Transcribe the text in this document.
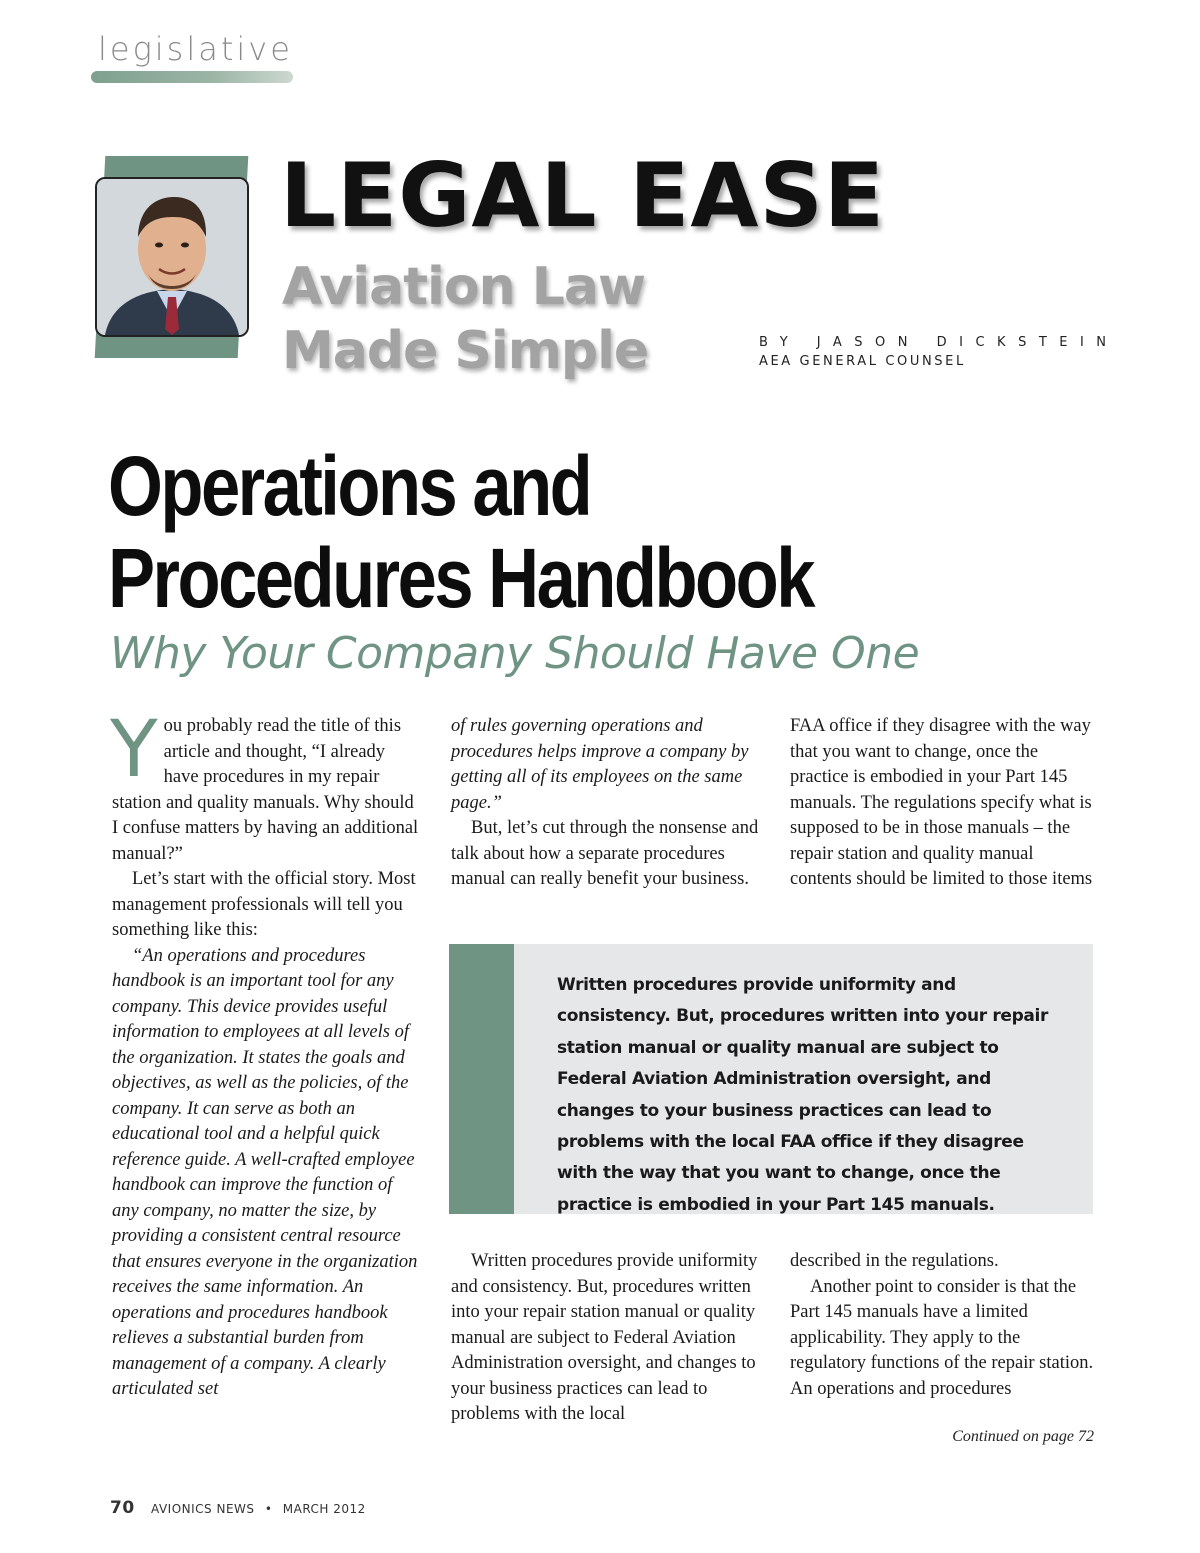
legislative
LEGAL EASE
Aviation Law
Made Simple	BY JASON DICKSTEIN
AEA GENERAL COUNSEL
Operations and
Procedures Handbook
Why Your Company Should Have One

You probably read the title of this article and thought, “I already have procedures in my repair station and quality manuals. Why should I confuse matters by having an additional manual?”

Let’s start with the official story. Most management professionals will tell you something like this:

“An operations and procedures handbook is an important tool for any company. This device provides useful information to employees at all levels of the organization. It states the goals and objectives, as well as the policies, of the company. It can serve as both an educational tool and a helpful quick reference guide. A well-crafted employee handbook can improve the function of any company, no matter the size, by providing a consistent central resource that ensures everyone in the organization receives the same information. An operations and procedures handbook relieves a substantial burden from management of a company. A clearly articulated set

of rules governing operations and procedures helps improve a company by getting all of its employees on the same page.”

But, let’s cut through the nonsense and talk about how a separate procedures manual can really benefit your business.

Written procedures provide uniformity and consistency. But, procedures written into your repair station manual or quality manual are subject to Federal Aviation Administration oversight, and changes to your business practices can lead to problems with the local

FAA office if they disagree with the way that you want to change, once the practice is embodied in your Part 145 manuals. The regulations specify what is supposed to be in those manuals – the repair station and quality manual contents should be limited to those items

described in the regulations.

Another point to consider is that the Part 145 manuals have a limited applicability. They apply to the regulatory functions of the repair station. An operations and procedures

Written procedures provide uniformity and consistency. But, procedures written into your repair station manual or quality manual are subject to Federal Aviation Administration oversight, and changes to your business practices can lead to problems with the local FAA office if they disagree with the way that you want to change, once the practice is embodied in your Part 145 manuals.
Continued on page 72
70 AVIONICS NEWS • MARCH 2012
